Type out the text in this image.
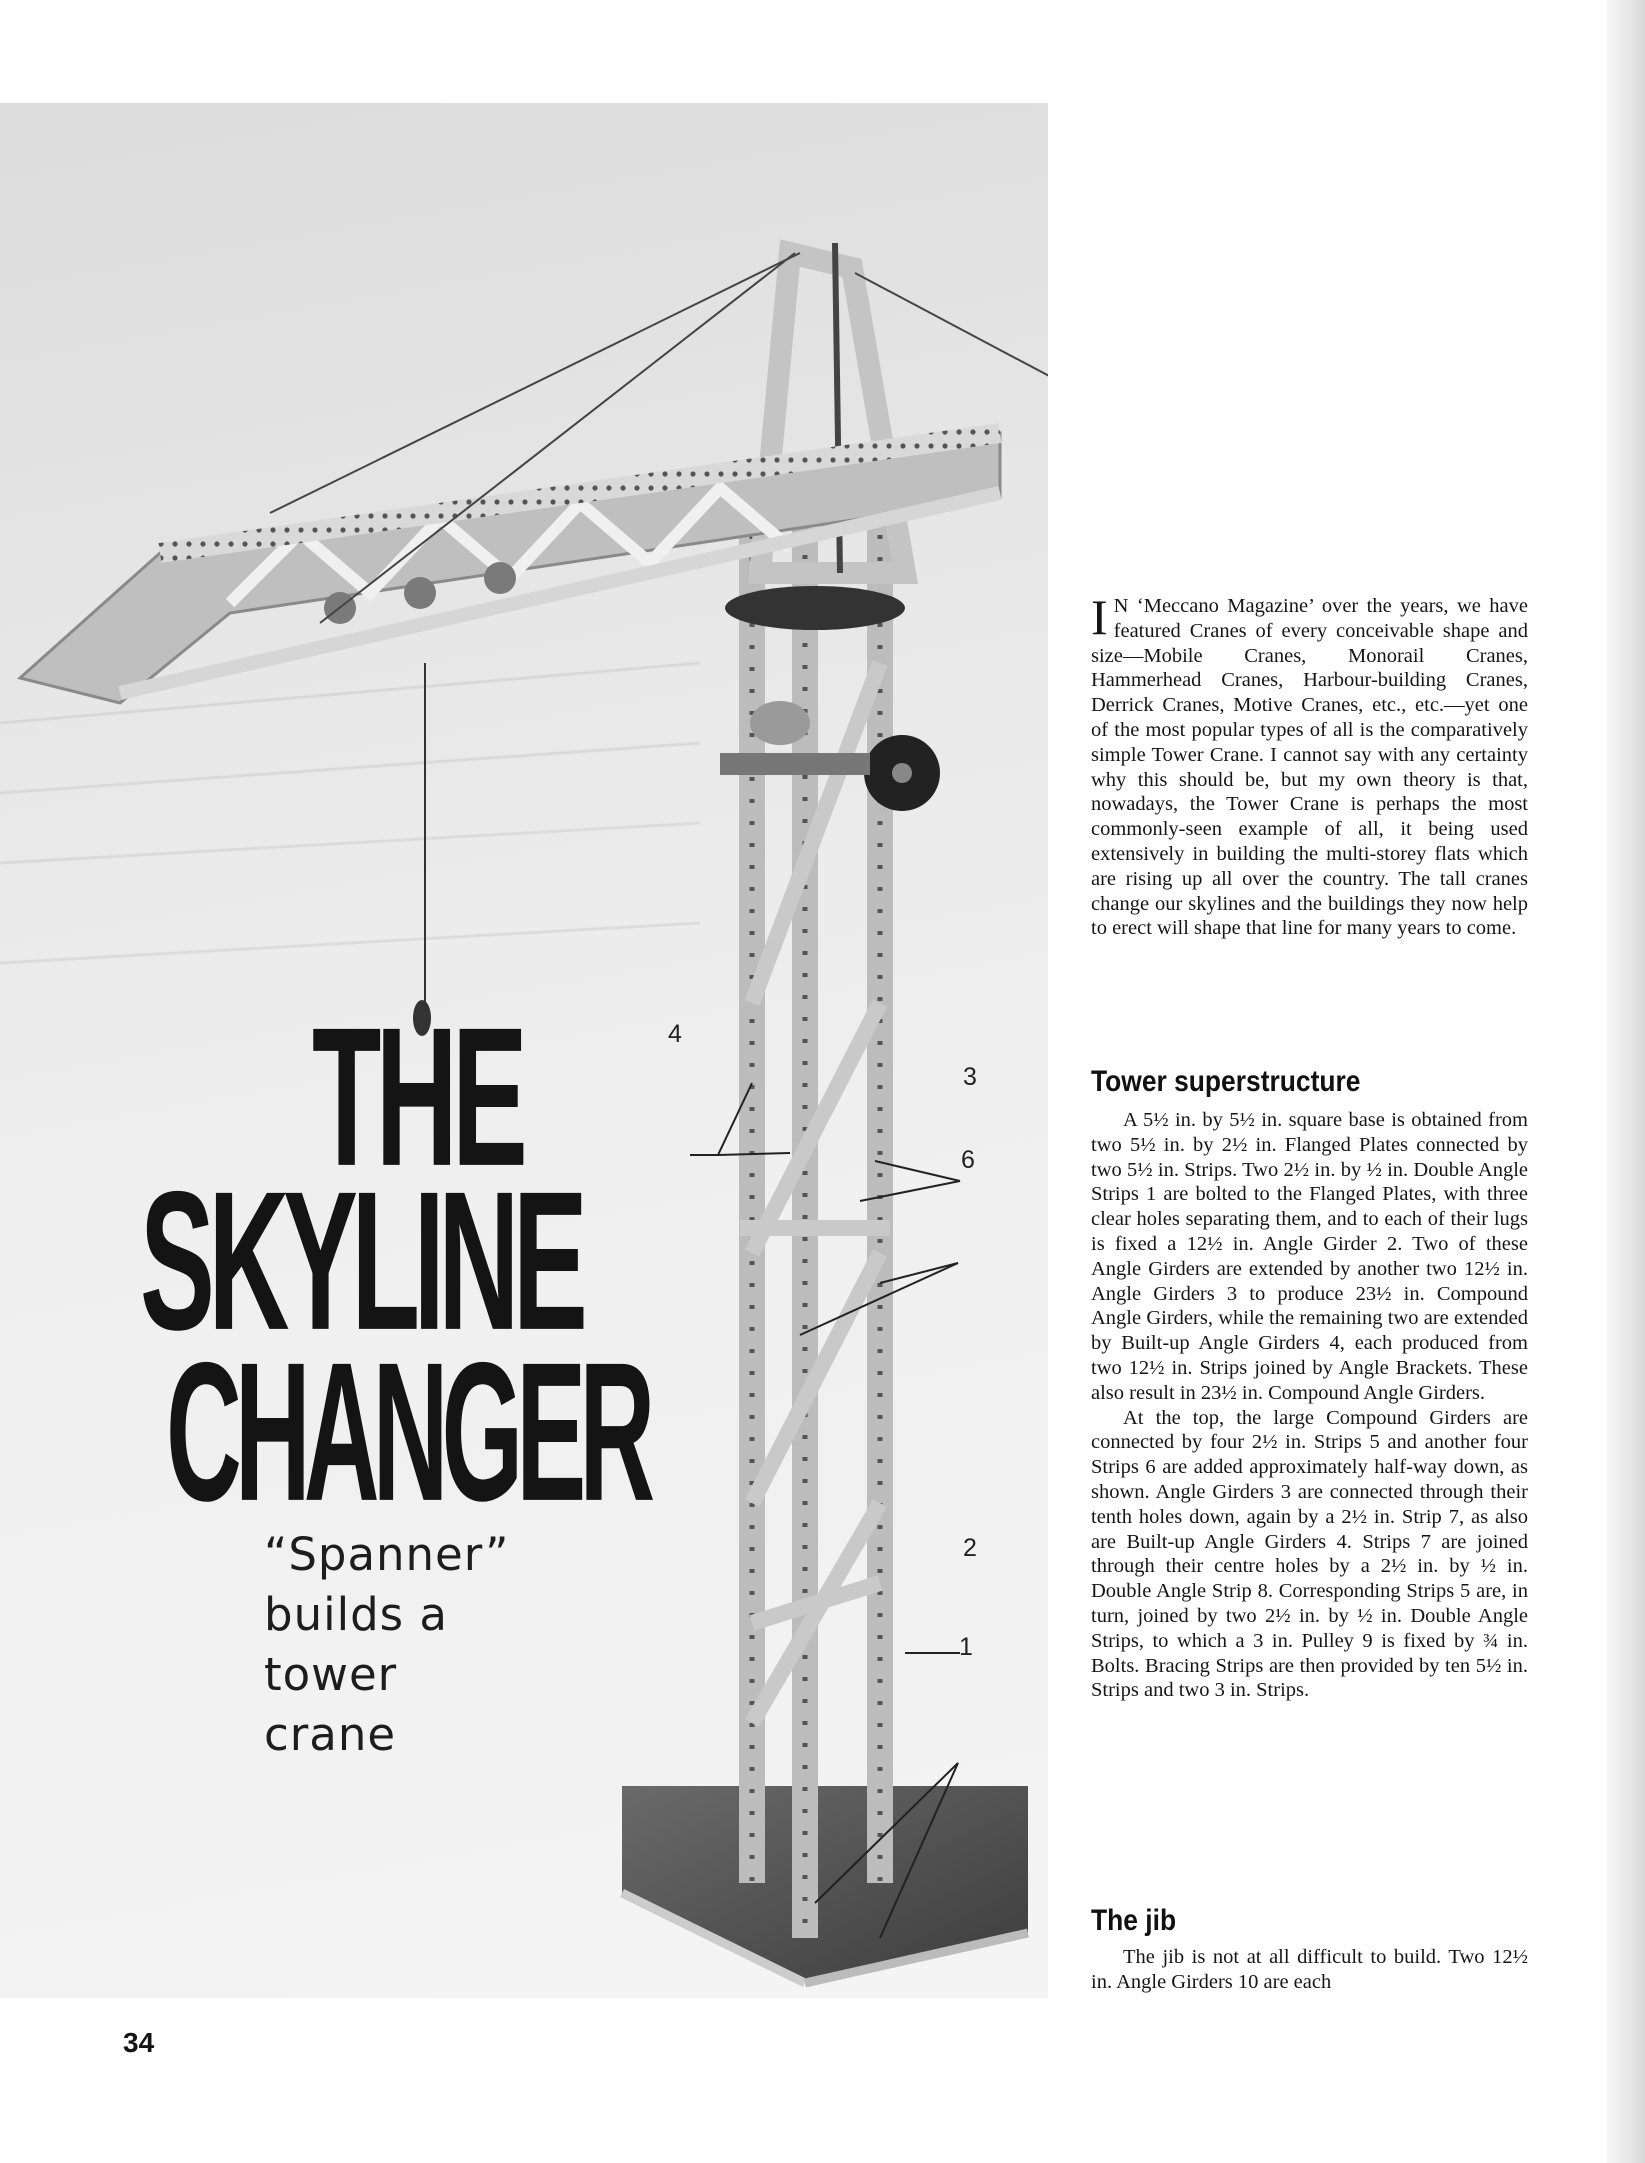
THE
SKYLINE
CHANGER
“Spanner”
builds a
tower
crane
4
3
6
2
1

I N ‘Meccano Magazine’ over the years, we have featured Cranes of every conceivable shape and size—Mobile Cranes, Monorail Cranes, Hammerhead Cranes, Harbour-building Cranes, Derrick Cranes, Motive Cranes, etc., etc.—yet one of the most popular types of all is the comparatively simple Tower Crane. I cannot say with any certainty why this should be, but my own theory is that, nowadays, the Tower Crane is perhaps the most commonly-seen example of all, it being used extensively in building the multi-storey flats which are rising up all over the country. The tall cranes change our skylines and the buildings they now help to erect will shape that line for many years to come.

Tower superstructure

A 5½ in. by 5½ in. square base is obtained from two 5½ in. by 2½ in. Flanged Plates connected by two 5½ in. Strips. Two 2½ in. by ½ in. Double Angle Strips 1 are bolted to the Flanged Plates, with three clear holes separating them, and to each of their lugs is fixed a 12½ in. Angle Girder 2. Two of these Angle Girders are extended by another two 12½ in. Angle Girders 3 to produce 23½ in. Compound Angle Girders, while the remaining two are extended by Built-up Angle Girders 4, each produced from two 12½ in. Strips joined by Angle Brackets. These also result in 23½ in. Compound Angle Girders.

At the top, the large Compound Girders are connected by four 2½ in. Strips 5 and another four Strips 6 are added approximately half-way down, as shown. Angle Girders 3 are connected through their tenth holes down, again by a 2½ in. Strip 7, as also are Built-up Angle Girders 4. Strips 7 are joined through their centre holes by a 2½ in. by ½ in. Double Angle Strip 8. Corresponding Strips 5 are, in turn, joined by two 2½ in. by ½ in. Double Angle Strips, to which a 3 in. Pulley 9 is fixed by ¾ in. Bolts. Bracing Strips are then provided by ten 5½ in. Strips and two 3 in. Strips.

The jib

The jib is not at all difficult to build. Two 12½ in. Angle Girders 10 are each

34
